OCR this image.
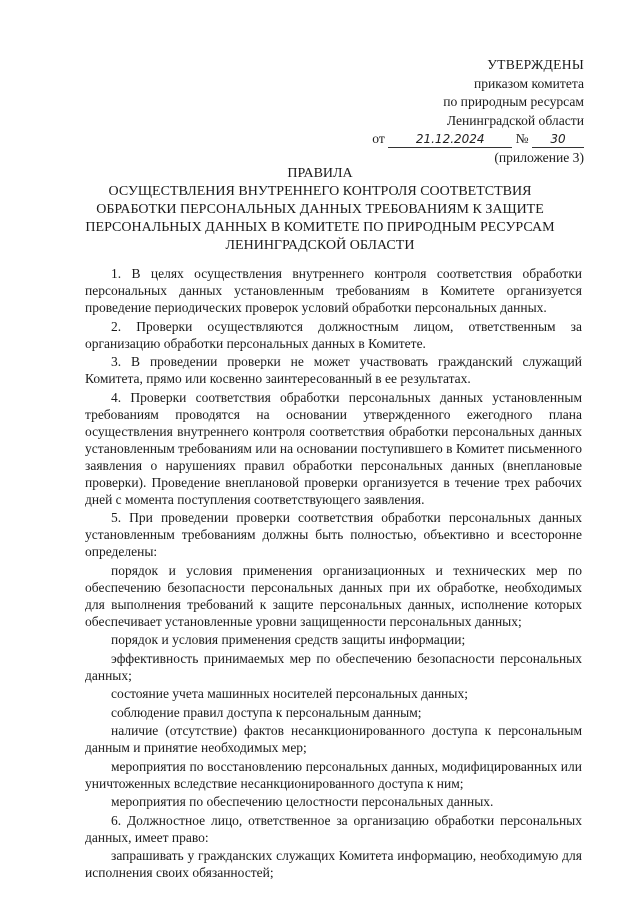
УТВЕРЖДЕНЫ
приказом комитета
по природным ресурсам
Ленинградской области
от	21.12.2024 № 30
(приложение 3)
ПРАВИЛА
ОСУЩЕСТВЛЕНИЯ ВНУТРЕННЕГО КОНТРОЛЯ СООТВЕТСТВИЯ
ОБРАБОТКИ ПЕРСОНАЛЬНЫХ ДАННЫХ ТРЕБОВАНИЯМ К ЗАЩИТЕ
ПЕРСОНАЛЬНЫХ ДАННЫХ В КОМИТЕТЕ ПО ПРИРОДНЫМ РЕСУРСАМ
ЛЕНИНГРАДСКОЙ ОБЛАСТИ

1. В целях осуществления внутреннего контроля соответствия обработки персональных данных установленным требованиям в Комитете организуется проведение периодических проверок условий обработки персональных данных.

2. Проверки осуществляются должностным лицом, ответственным за организацию обработки персональных данных в Комитете.

3. В проведении проверки не может участвовать гражданский служащий Комитета, прямо или косвенно заинтересованный в ее результатах.

4. Проверки соответствия обработки персональных данных установленным требованиям проводятся на основании утвержденного ежегодного плана осуществления внутреннего контроля соответствия обработки персональных данных установленным требованиям или на основании поступившего в Комитет письменного заявления о нарушениях правил обработки персональных данных (внеплановые проверки). Проведение внеплановой проверки организуется в течение трех рабочих дней с момента поступления соответствующего заявления.

5. При проведении проверки соответствия обработки персональных данных установленным требованиям должны быть полностью, объективно и всесторонне определены:

порядок и условия применения организационных и технических мер по обеспечению безопасности персональных данных при их обработке, необходимых для выполнения требований к защите персональных данных, исполнение которых обеспечивает установленные уровни защищенности персональных данных;

порядок и условия применения средств защиты информации;

эффективность принимаемых мер по обеспечению безопасности персональных данных;

состояние учета машинных носителей персональных данных;

соблюдение правил доступа к персональным данным;

наличие (отсутствие) фактов несанкционированного доступа к персональным данным и принятие необходимых мер;

мероприятия по восстановлению персональных данных, модифицированных или уничтоженных вследствие несанкционированного доступа к ним;

мероприятия по обеспечению целостности персональных данных.

6. Должностное лицо, ответственное за организацию обработки персональных данных, имеет право:

запрашивать у гражданских служащих Комитета информацию, необходимую для исполнения своих обязанностей;
